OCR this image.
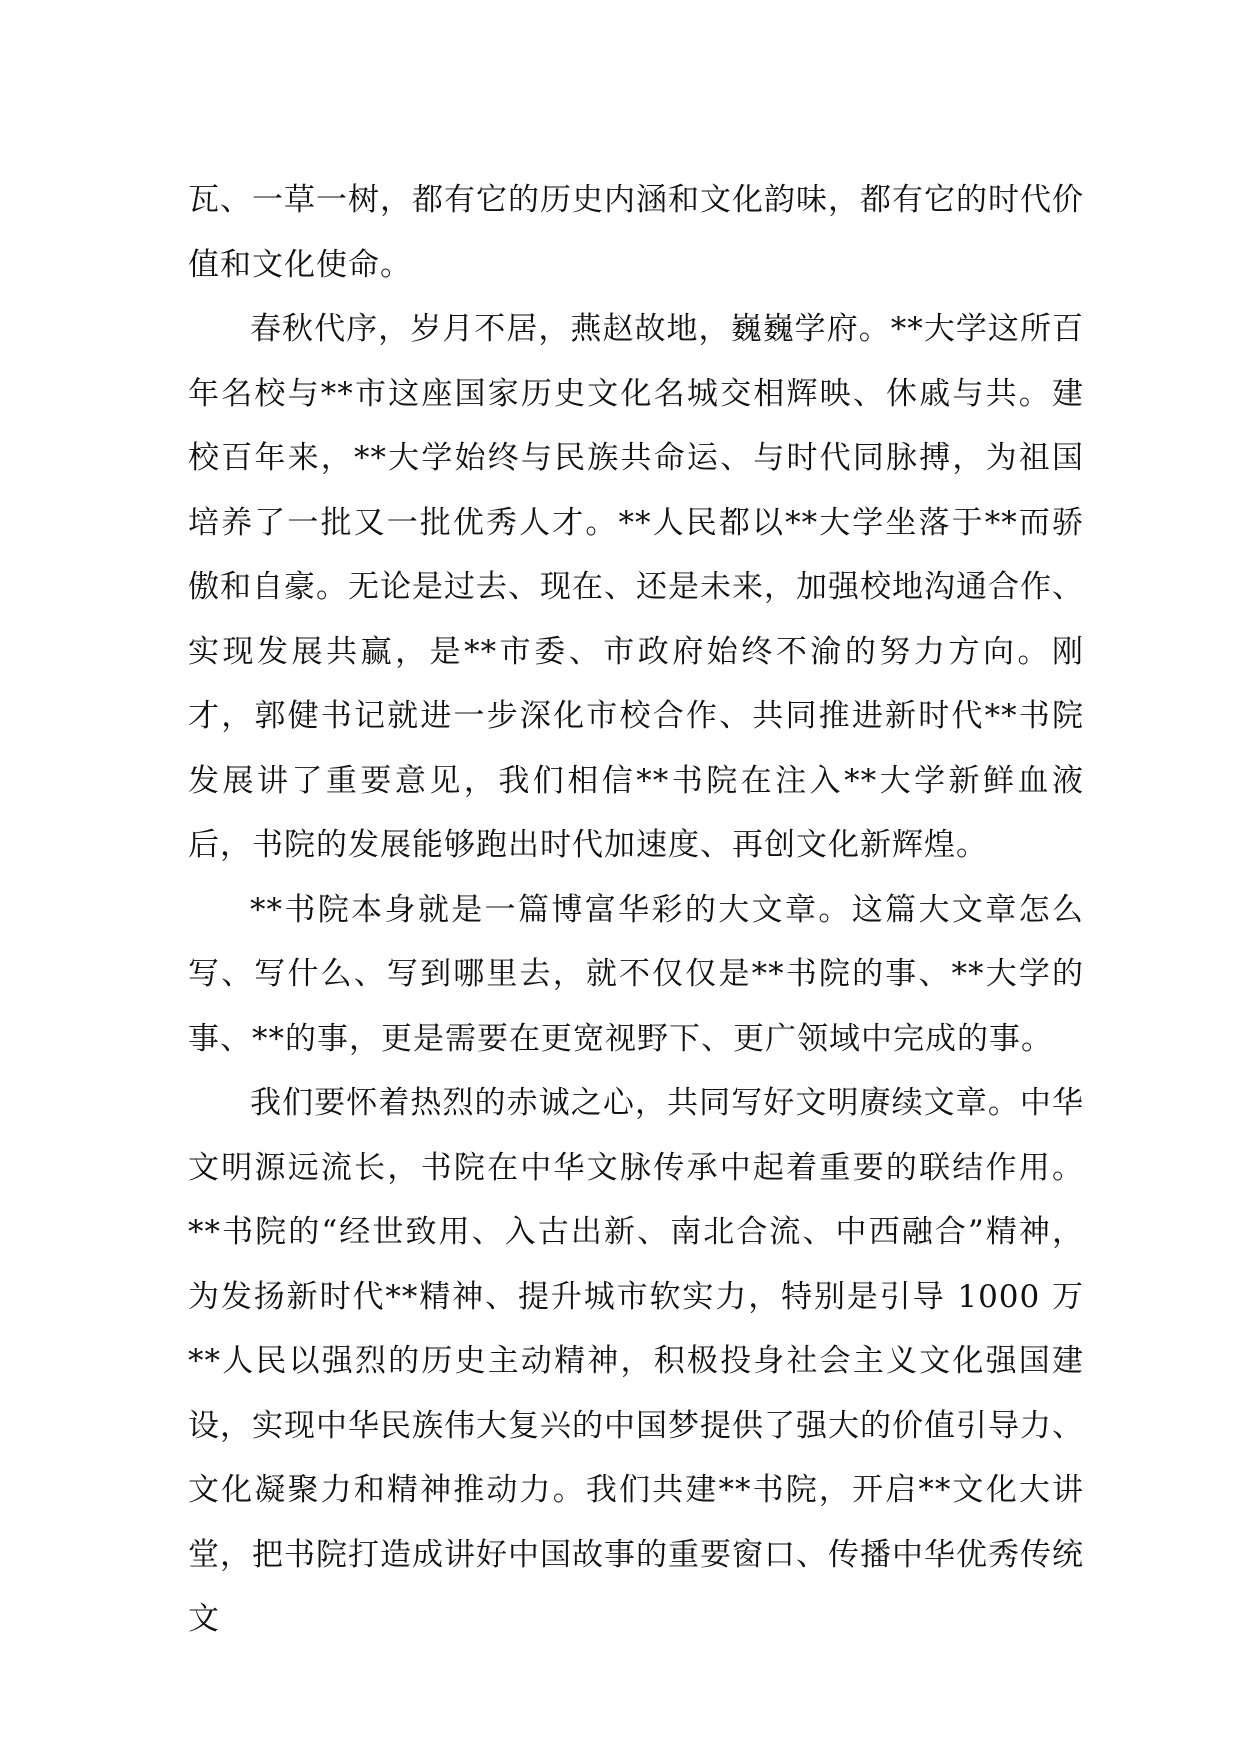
瓦、一草一树，都有它的历史内涵和文化韵味，都有它的时代价值和文化使命。

春秋代序，岁月不居，燕赵故地，巍巍学府。**大学这所百年名校与**市这座国家历史文化名城交相辉映、休戚与共。建校百年来，**大学始终与民族共命运、与时代同脉搏，为祖国培养了一批又一批优秀人才。**人民都以**大学坐落于**而骄傲和自豪。无论是过去、现在、还是未来，加强校地沟通合作、实现发展共赢，是**市委、市政府始终不渝的努力方向。刚才，郭健书记就进一步深化市校合作、共同推进新时代**书院发展讲了重要意见，我们相信**书院在注入**大学新鲜血液后，书院的发展能够跑出时代加速度、再创文化新辉煌。

**书院本身就是一篇博富华彩的大文章。这篇大文章怎么写、写什么、写到哪里去，就不仅仅是**书院的事、**大学的事、**的事，更是需要在更宽视野下、更广领域中完成的事。

我们要怀着热烈的赤诚之心，共同写好文明赓续文章。中华文明源远流长，书院在中华文脉传承中起着重要的联结作用。**书院的“经世致用、入古出新、南北合流、中西融合”精神，为发扬新时代**精神、提升城市软实力，特别是引导 1000 万**人民以强烈的历史主动精神，积极投身社会主义文化强国建设，实现中华民族伟大复兴的中国梦提供了强大的价值引导力、文化凝聚力和精神推动力。我们共建**书院，开启**文化大讲堂，把书院打造成讲好中国故事的重要窗口、传播中华优秀传统文
